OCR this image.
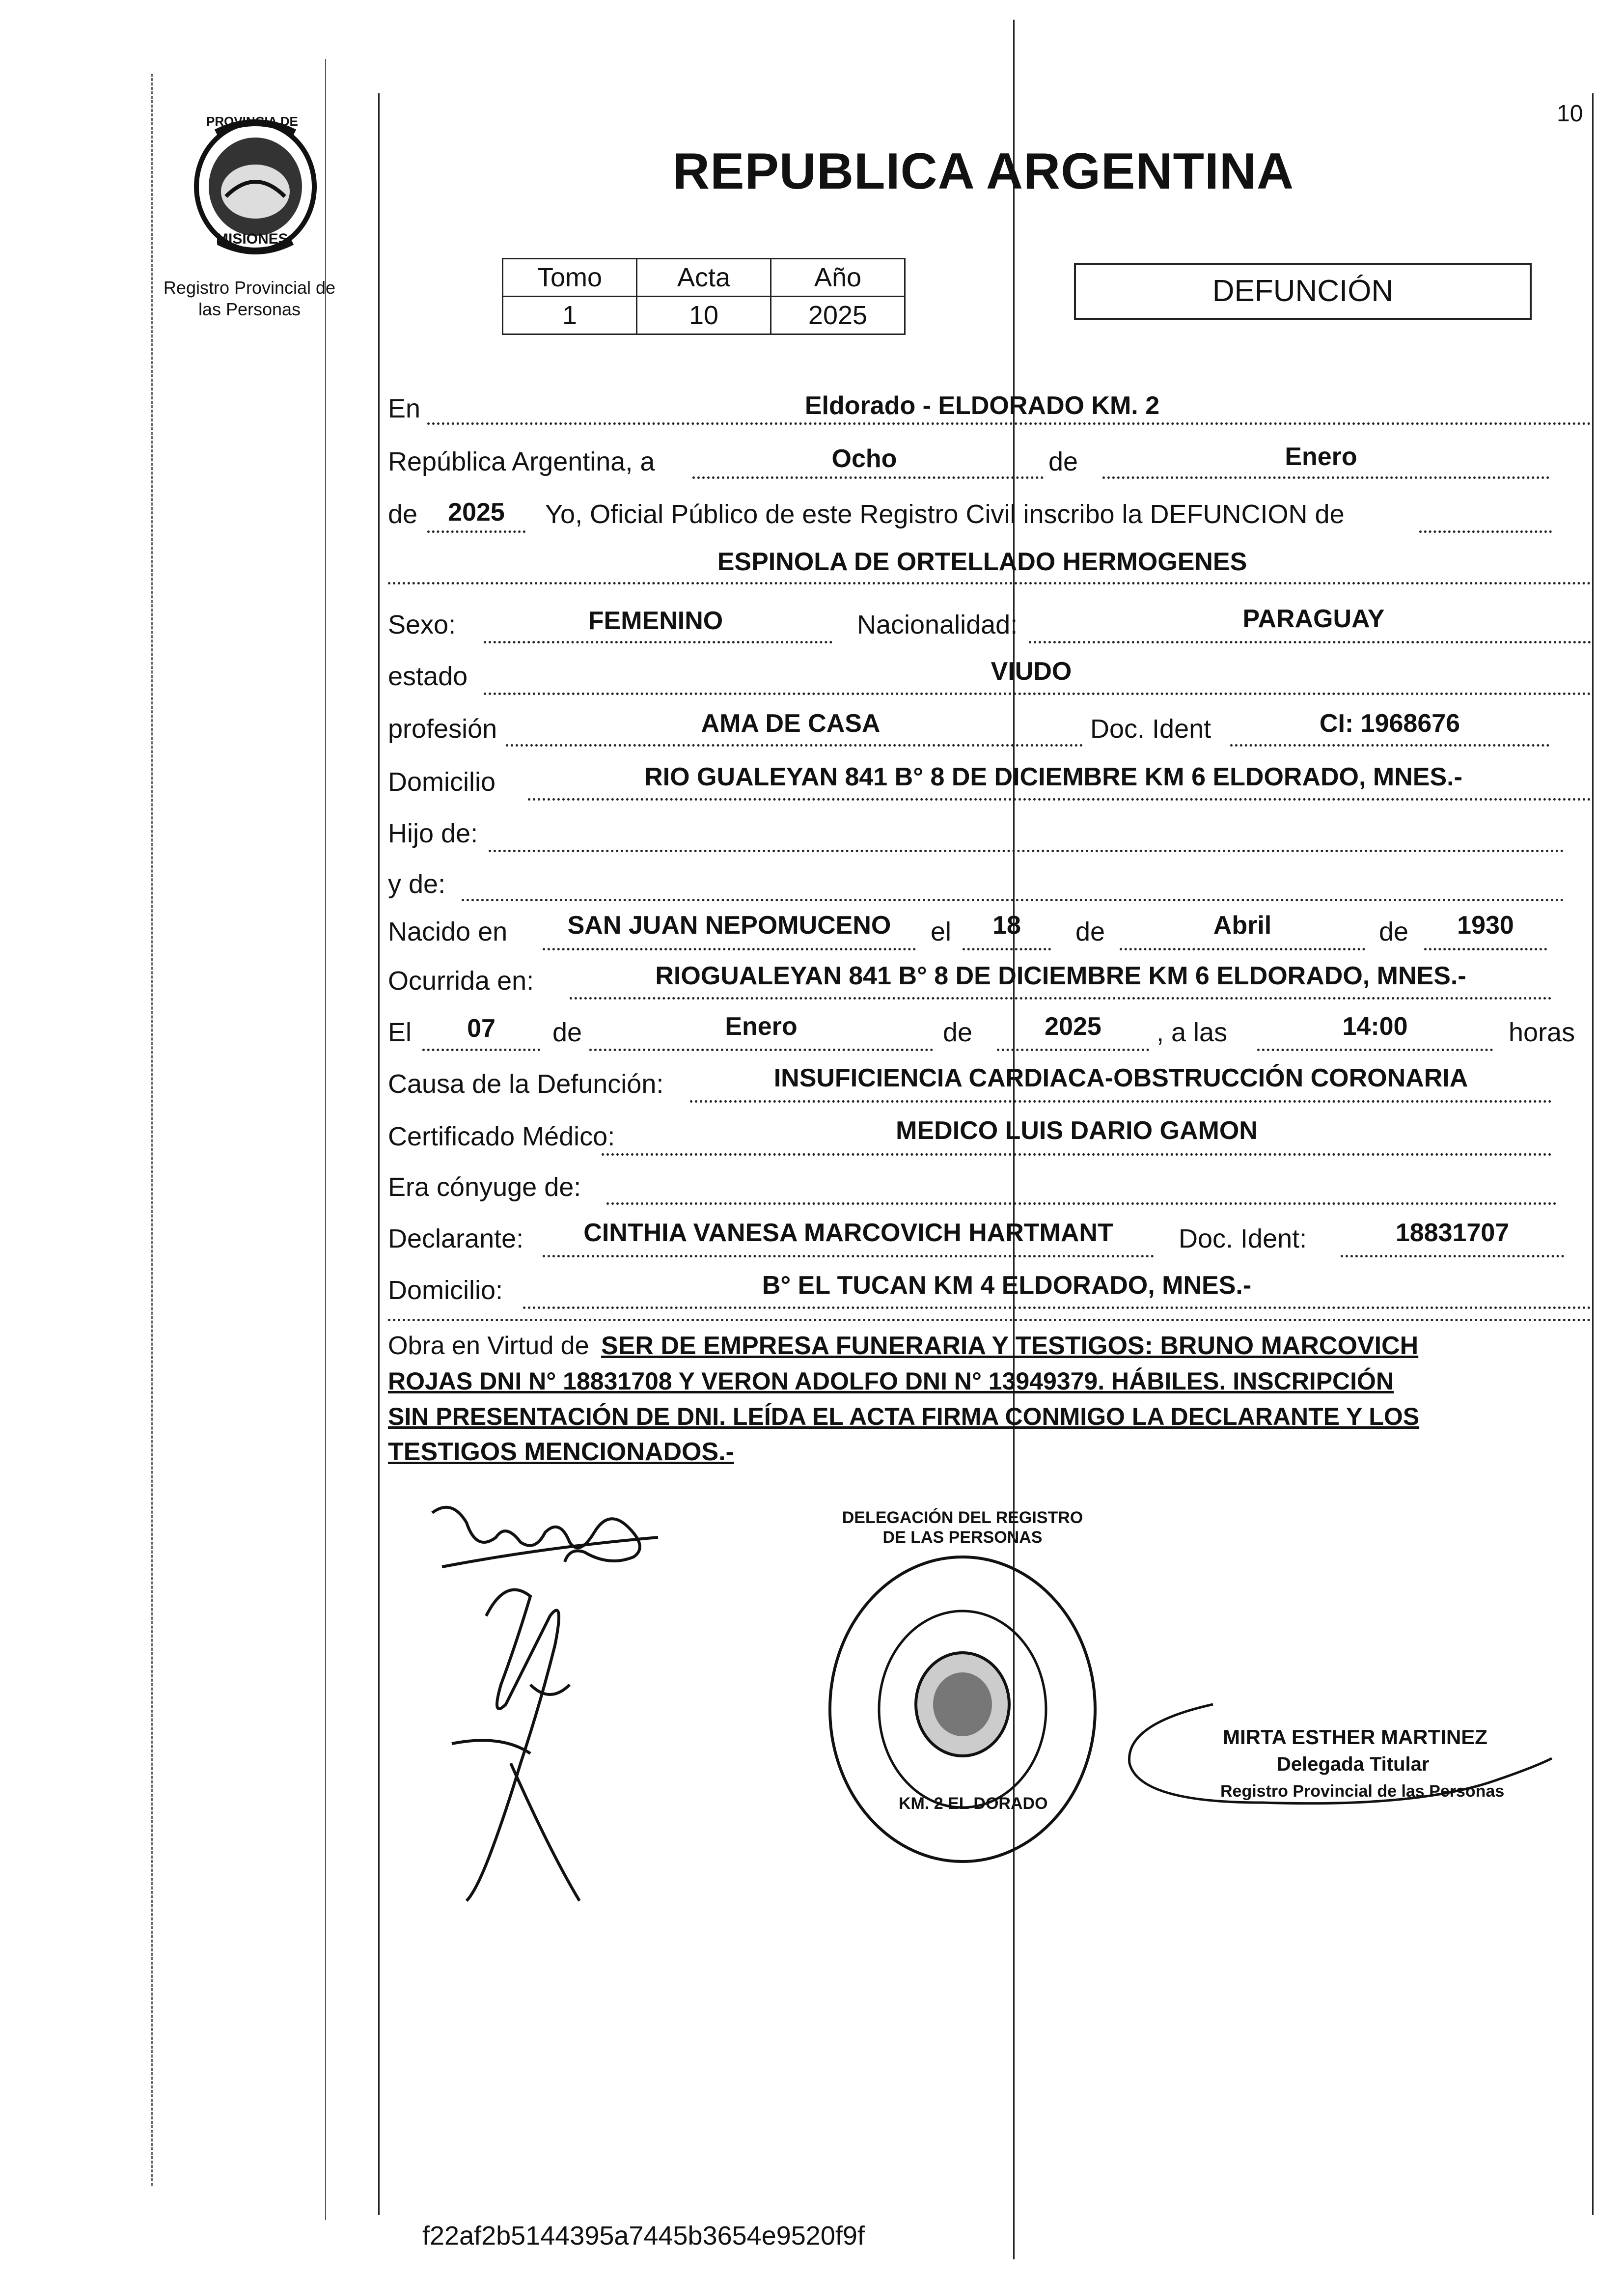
10
PROVINCIA DE
MISIONES
Registro Provincial de las Personas
REPUBLICA ARGENTINA
Tomo	Acta	Año
1	10	2025
DEFUNCIÓN
En	Eldorado - ELDORADO KM. 2
República Argentina, a	Ocho	de	Enero
de	2025	Yo, Oficial Público de este Registro Civil inscribo la DEFUNCION de
ESPINOLA DE ORTELLADO HERMOGENES
Sexo:	FEMENINO	Nacionalidad:	PARAGUAY
estado	VIUDO
profesión	AMA DE CASA	Doc. Ident	CI: 1968676
Domicilio	RIO GUALEYAN 841 B° 8 DE DICIEMBRE KM 6 ELDORADO, MNES.-
Hijo de:
y de:
Nacido en	SAN JUAN NEPOMUCENO	el	18	de	Abril	de	1930
Ocurrida en:	RIOGUALEYAN 841 B° 8 DE DICIEMBRE KM 6 ELDORADO, MNES.-
El	07	de	Enero	de	2025	, a las	14:00	horas
Causa de la Defunción:	INSUFICIENCIA CARDIACA-OBSTRUCCIÓN CORONARIA
Certificado Médico:	MEDICO LUIS DARIO GAMON
Era cónyuge de:
Declarante:	CINTHIA VANESA MARCOVICH HARTMANT	Doc. Ident:	18831707
Domicilio:	B° EL TUCAN KM 4 ELDORADO, MNES.-
Obra en Virtud de SER DE EMPRESA FUNERARIA Y TESTIGOS: BRUNO MARCOVICH
ROJAS DNI N° 18831708 Y VERON ADOLFO DNI N° 13949379. HÁBILES. INSCRIPCIÓN
SIN PRESENTACIÓN DE DNI. LEÍDA EL ACTA FIRMA CONMIGO LA DECLARANTE Y LOS
TESTIGOS MENCIONADOS.-
DELEGACIÓN DEL REGISTRO DE LAS PERSONAS
KM. 2 EL DORADO
MIRTA ESTHER MARTINEZ
Delegada Titular
Registro Provincial de las Personas
f22af2b5144395a7445b3654e9520f9f
